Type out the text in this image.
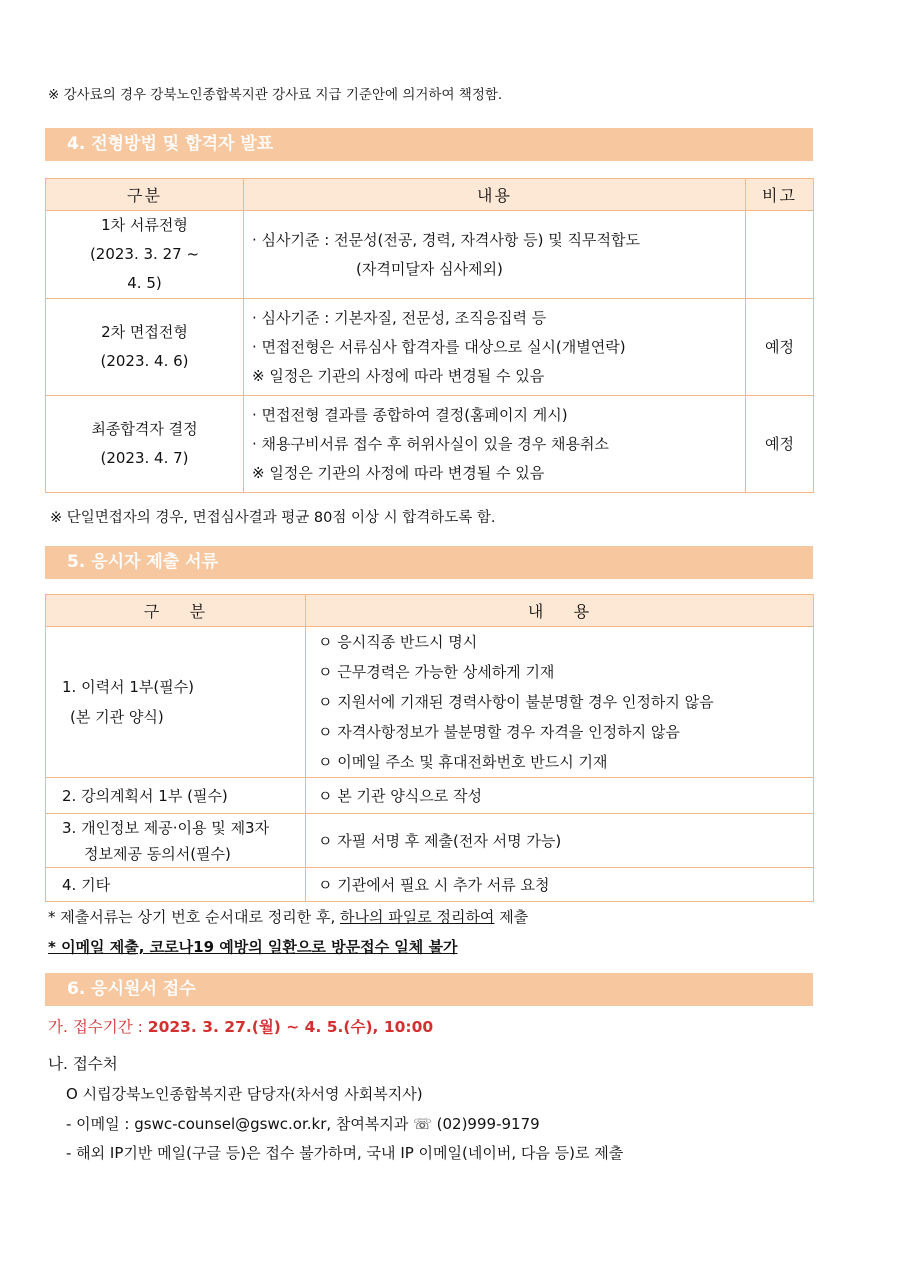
※ 강사료의 경우 강북노인종합복지관 강사료 지급 기준안에 의거하여 책정함.
4. 전형방법 및 합격자 발표
구분	내용	비고

1차 서류전형
(2023. 3. 27 ~
4. 5)	· 심사기준 : 전문성(전공, 경력, 자격사항 등) 및 직무적합도
(자격미달자 심사제외)	

2차 면접전형
(2023. 4. 6)	· 심사기준 : 기본자질, 전문성, 조직응집력 등
· 면접전형은 서류심사 합격자를 대상으로 실시(개별연락)
※ 일정은 기관의 사정에 따라 변경될 수 있음	예정

최종합격자 결정
(2023. 4. 7)	· 면접전형 결과를 종합하여 결정(홈페이지 게시)
· 채용구비서류 접수 후 허위사실이 있을 경우 채용취소
※ 일정은 기관의 사정에 따라 변경될 수 있음	예정
※ 단일면접자의 경우, 면접심사결과 평균 80점 이상 시 합격하도록 함.
5. 응시자 제출 서류
구    분	내    용

1. 이력서 1부(필수)
(본 기관 양식)	ㅇ 응시직종 반드시 명시
ㅇ 근무경력은 가능한 상세하게 기재
ㅇ 지원서에 기재된 경력사항이 불분명할 경우 인정하지 않음
ㅇ 자격사항정보가 불분명할 경우 자격을 인정하지 않음
ㅇ 이메일 주소 및 휴대전화번호 반드시 기재

2. 강의계획서 1부 (필수)	ㅇ 본 기관 양식으로 작성

3. 개인정보 제공·이용 및 제3자
정보제공 동의서(필수)	ㅇ 자필 서명 후 제출(전자 서명 가능)

4. 기타	ㅇ 기관에서 필요 시 추가 서류 요청
* 제출서류는 상기 번호 순서대로 정리한 후, 하나의 파일로 정리하여 제출
* 이메일 제출, 코로나19 예방의 일환으로 방문접수 일체 불가
6. 응시원서 접수
가. 접수기간 : 2023. 3. 27.(월) ~ 4. 5.(수), 10:00
나. 접수처
O 시립강북노인종합복지관 담당자(차서영 사회복지사)
- 이메일 : gswc-counsel@gswc.or.kr, 참여복지과 ☏ (02)999-9179
- 해외 IP기반 메일(구글 등)은 접수 불가하며, 국내 IP 이메일(네이버, 다음 등)로 제출
